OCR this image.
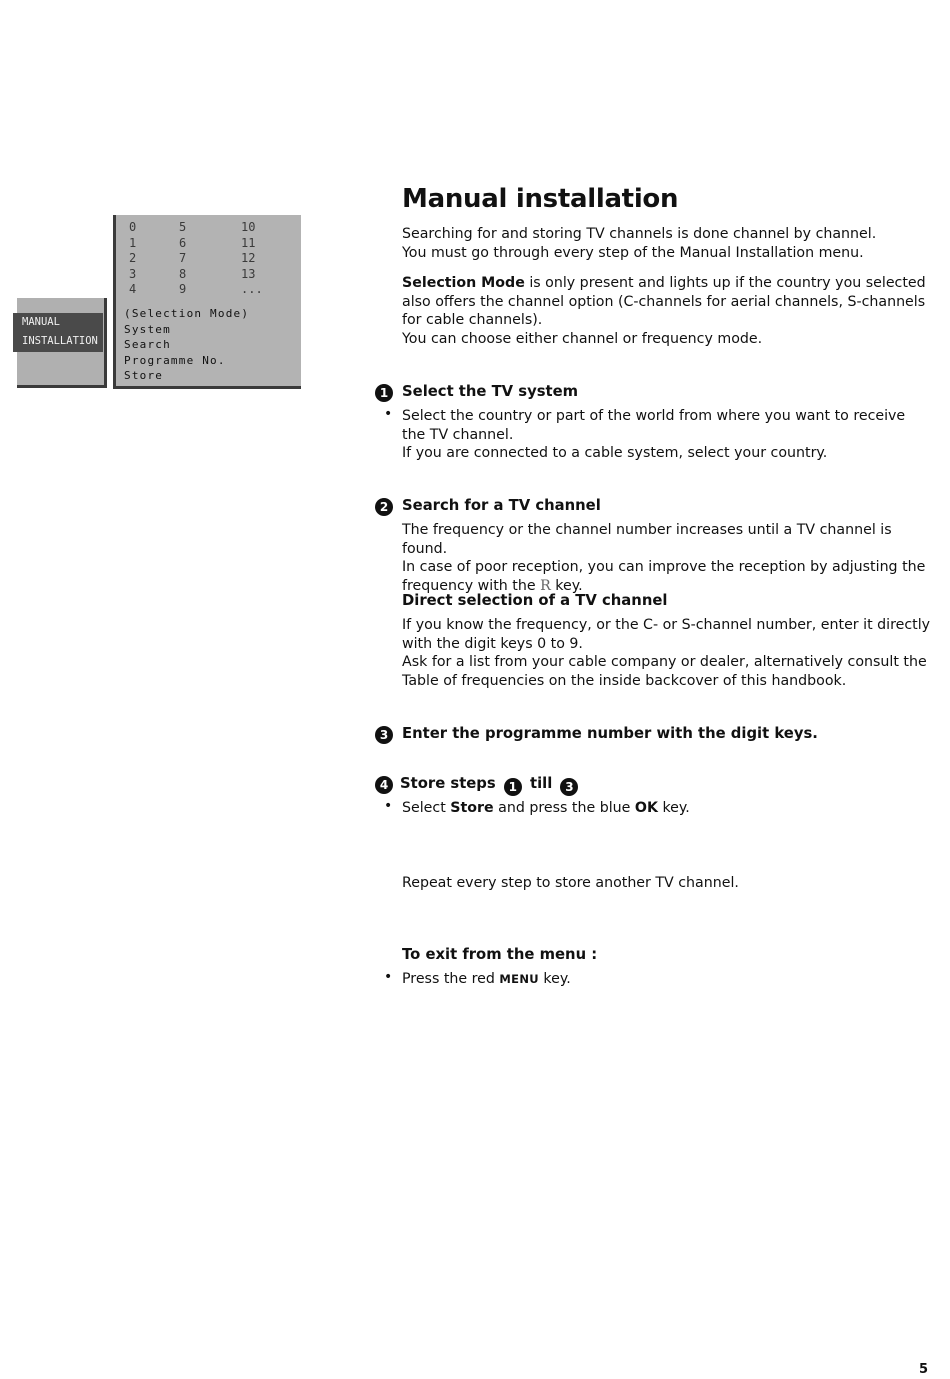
0	5	10
1	6	11
2	7	12
3	8	13
4	9	...
(Selection Mode)
System
Search
Programme No.
Store
MANUAL
INSTALLATION
Manual installation

Searching for and storing TV channels is done channel by channel.
You must go through every step of the Manual Installation menu.

Selection Mode is only present and lights up if the country you selected also offers the channel option (C-channels for aerial channels, S-channels for cable channels).
You can choose either channel or frequency mode.

1 Select the TV system
• Select the country or part of the world from where you want to receive the TV channel.
If you are connected to a cable system, select your country.

2 Search for a TV channel

The frequency or the channel number increases until a TV channel is found.
In case of poor reception, you can improve the reception by adjusting the frequency with the R key.

Direct selection of a TV channel

If you know the frequency, or the C- or S-channel number, enter it directly with the digit keys 0 to 9.
Ask for a list from your cable company or dealer, alternatively consult the Table of frequencies on the inside backcover of this handbook.

3 Enter the programme number with the digit keys.
4 Store steps 1 till 3
• Select Store and press the blue OK key.

Repeat every step to store another TV channel.

To exit from the menu :
• Press the red MENU key.

5
